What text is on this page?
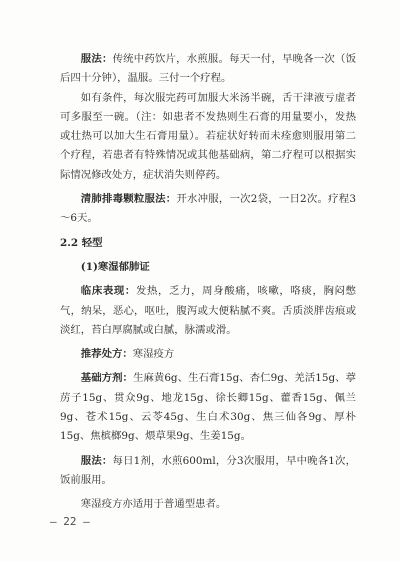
服法：传统中药饮片，水煎服。每天一付，早晚各一次（饭后四十分钟），温服。三付一个疗程。

如有条件，每次服完药可加服大米汤半碗，舌干津液亏虚者可多服至一碗。（注：如患者不发热则生石膏的用量要小，发热或壮热可以加大生石膏用量）。若症状好转而未痊愈则服用第二个疗程，若患者有特殊情况或其他基础病，第二疗程可以根据实际情况修改处方，症状消失则停药。

清肺排毒颗粒服法：开水冲服，一次2袋，一日2次。疗程3～6天。

2.2 轻型

(1)寒湿郁肺证

临床表现：发热，乏力，周身酸痛，咳嗽，咯痰，胸闷憋气，纳呆，恶心，呕吐，腹泻或大便粘腻不爽。舌质淡胖齿痕或淡红，苔白厚腐腻或白腻，脉濡或滑。

推荐处方：寒湿疫方

基础方剂：生麻黄6g、生石膏15g、杏仁9g、羌活15g、葶苈子15g、贯众9g、地龙15g、徐长卿15g、藿香15g、佩兰9g、苍术15g、云苓45g、生白术30g、焦三仙各9g、厚朴15g、焦槟榔9g、煨草果9g、生姜15g。

服法：每日1剂，水煎600ml，分3次服用，早中晚各1次，饭前服用。

寒湿疫方亦适用于普通型患者。

— 22 —
